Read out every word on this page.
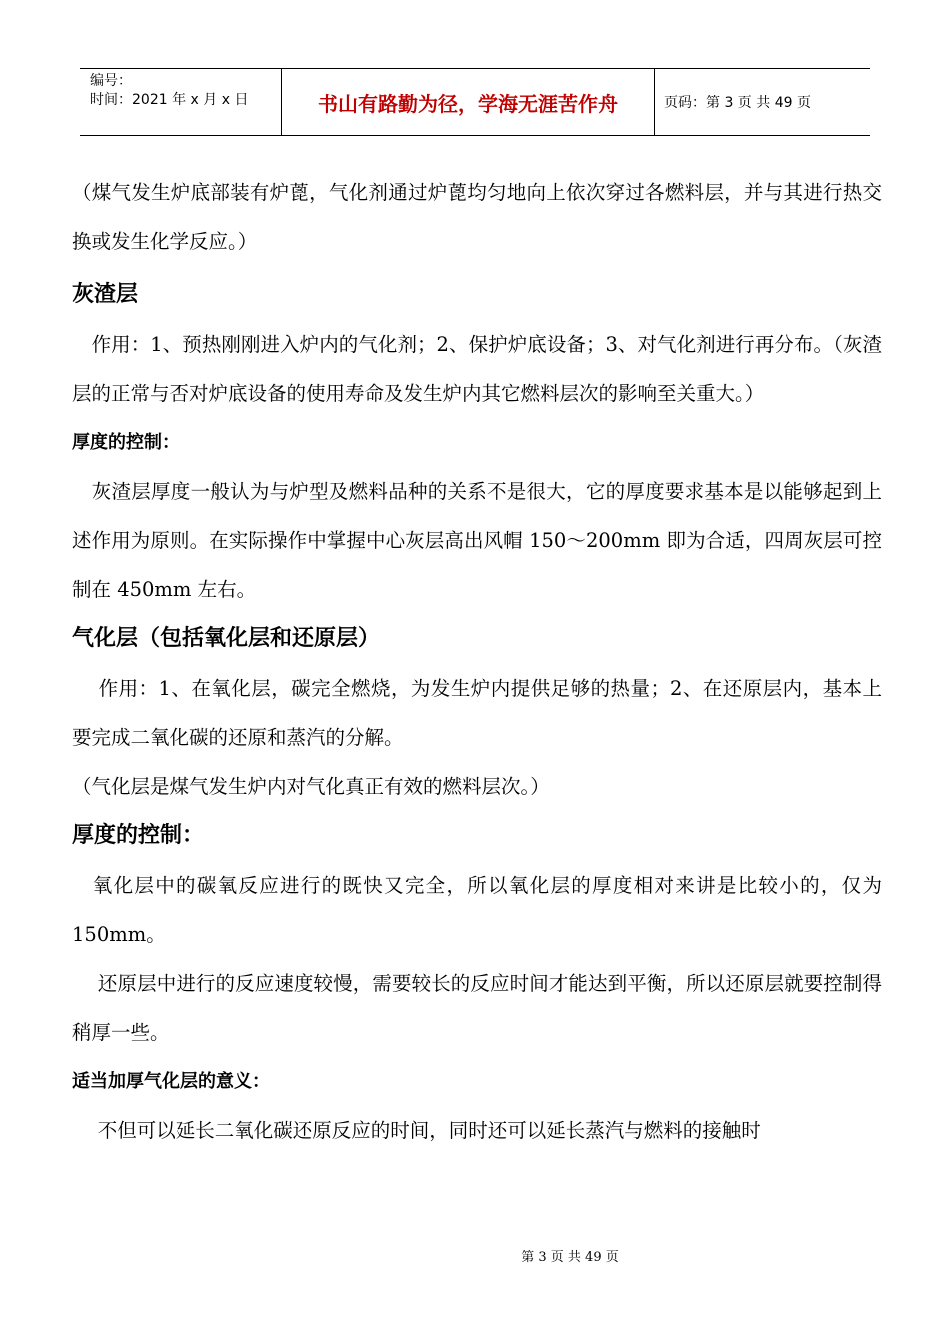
编号：
时间：2021 年 x 月 x 日	书山有路勤为径，学海无涯苦作舟	页码：第 3 页 共 49 页

（煤气发生炉底部装有炉蓖，气化剂通过炉蓖均匀地向上依次穿过各燃料层，并与其进行热交换或发生化学反应。）

灰渣层

　作用：1、预热刚刚进入炉内的气化剂；2、保护炉底设备；3、对气化剂进行再分布。（灰渣层的正常与否对炉底设备的使用寿命及发生炉内其它燃料层次的影响至关重大。）

厚度的控制：

　灰渣层厚度一般认为与炉型及燃料品种的关系不是很大，它的厚度要求基本是以能够起到上述作用为原则。在实际操作中掌握中心灰层高出风帽 150～200mm 即为合适，四周灰层可控制在 450mm 左右。

气化层（包括氧化层和还原层）

　 作用：1、在氧化层，碳完全燃烧，为发生炉内提供足够的热量；2、在还原层内，基本上要完成二氧化碳的还原和蒸汽的分解。

（气化层是煤气发生炉内对气化真正有效的燃料层次。）

厚度的控制：

　氧化层中的碳氧反应进行的既快又完全，所以氧化层的厚度相对来讲是比较小的，仅为 150mm。

　 还原层中进行的反应速度较慢，需要较长的反应时间才能达到平衡，所以还原层就要控制得稍厚一些。

适当加厚气化层的意义：

　 不但可以延长二氧化碳还原反应的时间，同时还可以延长蒸汽与燃料的接触时

第 3 页 共 49 页
